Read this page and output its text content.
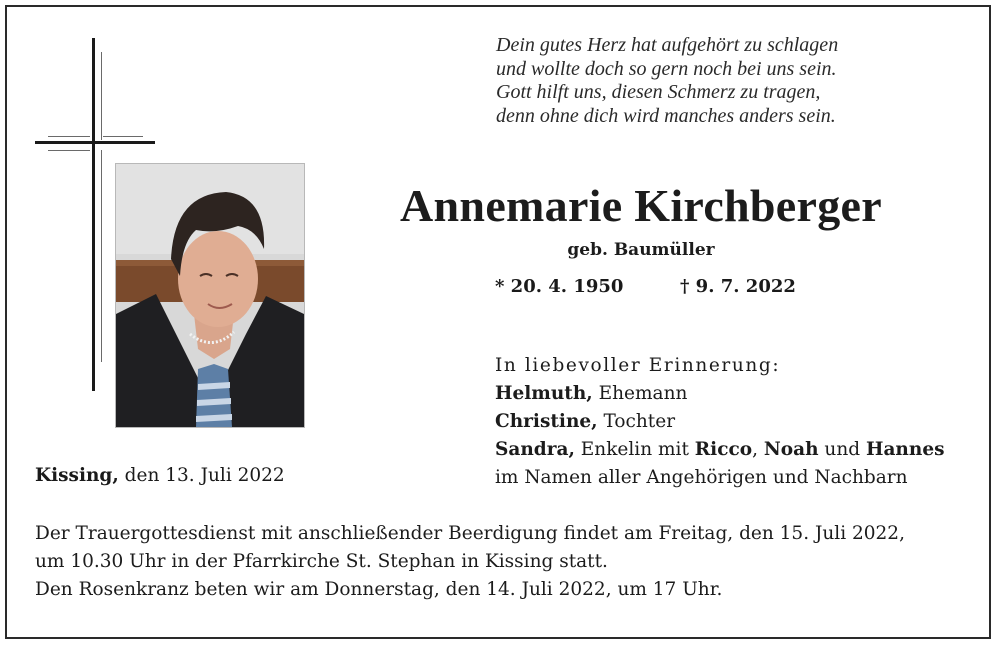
Dein gutes Herz hat aufgehört zu schlagen
und wollte doch so gern noch bei uns sein.
Gott hilft uns, diesen Schmerz zu tragen,
denn ohne dich wird manches anders sein.
Annemarie Kirchberger
geb. Baumüller
* 20. 4. 1950	† 9. 7. 2022
In liebevoller Erinnerung:
Helmuth, Ehemann
Christine, Tochter
Sandra, Enkelin mit Ricco, Noah und Hannes
im Namen aller Angehörigen und Nachbarn
Kissing, den 13. Juli 2022
Der Trauergottesdienst mit anschließender Beerdigung findet am Freitag, den 15. Juli 2022,
um 10.30 Uhr in der Pfarrkirche St. Stephan in Kissing statt.
Den Rosenkranz beten wir am Donnerstag, den 14. Juli 2022, um 17 Uhr.
